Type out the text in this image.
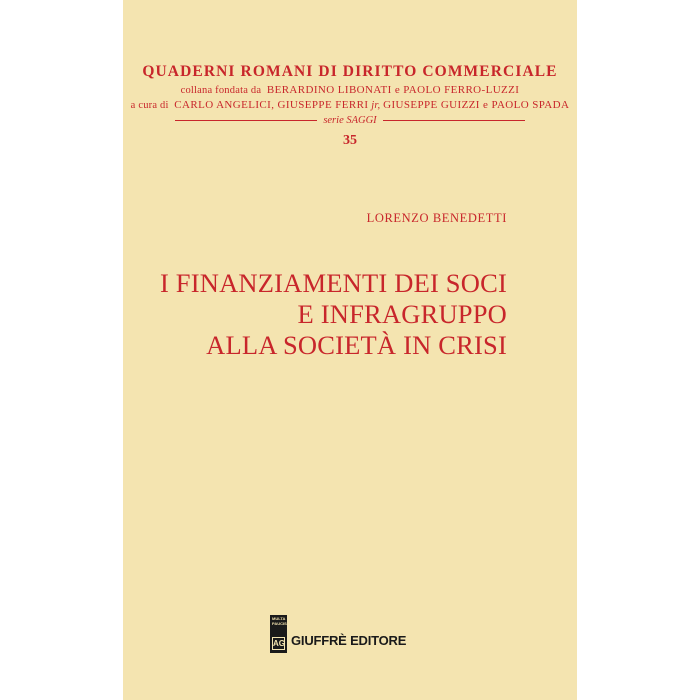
QUADERNI ROMANI DI DIRITTO COMMERCIALE
collana fondata da BERARDINO LIBONATI e PAOLO FERRO-LUZZI
a cura di CARLO ANGELICI, GIUSEPPE FERRI jr, GIUSEPPE GUIZZI e PAOLO SPADA
serie SAGGI
35
LORENZO BENEDETTI
I FINANZIAMENTI DEI SOCI
E INFRAGRUPPO
ALLA SOCIETÀ IN CRISI
MULTA PAUCIS
AG GIUFFRÈ EDITORE
